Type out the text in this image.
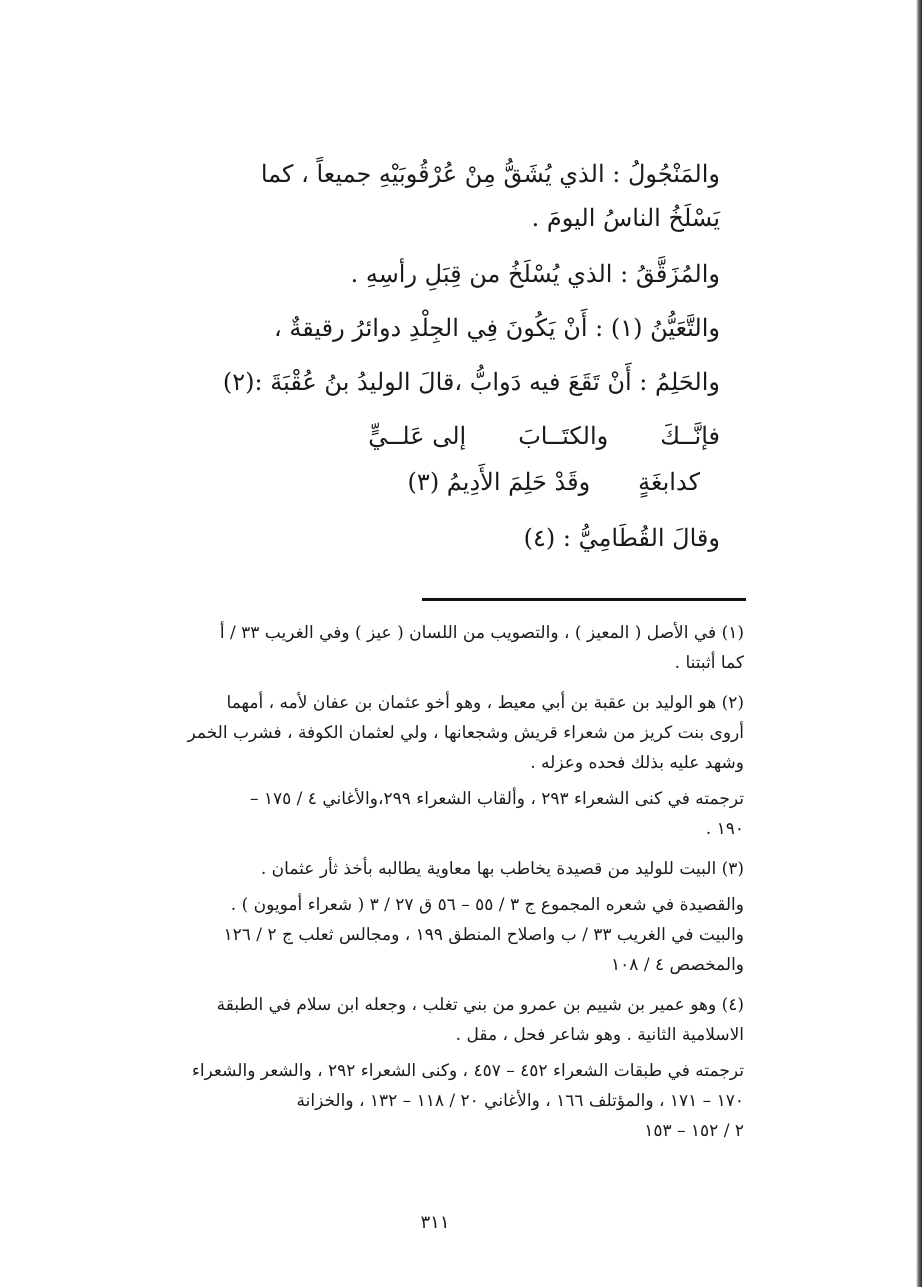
والمَنْجُولُ : الذي يُشَقُّ مِنْ عُرْقُوبَيْهِ جميعاً ، كما
يَسْلَخُ الناسُ اليومَ .
والمُزَقَّقُ : الذي يُسْلَخُ من قِبَلِ رأسِهِ .
والتَّعَيُّنُ (١) : أَنْ يَكُونَ فِي الجِلْدِ دوائرُ رقيقةٌ ،
والحَلِمُ : أَنْ تَقَعَ فيه دَوابُّ ،قالَ الوليدُ بنُ عُقْبَةَ :(٢)
فإنَّــكَوالكتَــابَإلى عَلــيٍّ
كدابغَةٍوقَدْ حَلِمَ الأَدِيمُ (٣)
وقالَ القُطَامِيُّ : (٤)

(١) في الأصل ( المعيز ) ، والتصويب من اللسان ( عيز ) وفي الغريب ٣٣ / أ

كما أثبتنا .

(٢) هو الوليد بن عقبة بن أبي معيط ، وهو أخو عثمان بن عفان لأمه ، أمهما

أروى بنت كريز من شعراء قريش وشجعانها ، ولي لعثمان الكوفة ، فشرب الخمر

وشهد عليه بذلك فحده وعزله .

ترجمته في كنى الشعراء ٢٩٣ ، وألقاب الشعراء ٢٩٩،والأغاني ٤ / ١٧٥ –

١٩٠ .

(٣) البيت للوليد من قصيدة يخاطب بها معاوية يطالبه بأخذ ثأر عثمان .

والقصيدة في شعره المجموع ج ٣ / ٥٥ – ٥٦ ق ٢٧ / ٣ ( شعراء أمويون ) .

والبيت في الغريب ٣٣ / ب واصلاح المنطق ١٩٩ ، ومجالس ثعلب ج ٢ / ١٢٦

والمخصص ٤ / ١٠٨

(٤) وهو عمير بن شييم بن عمرو من بني تغلب ، وجعله ابن سلام في الطبقة

الاسلامية الثانية . وهو شاعر فحل ، مقل .

ترجمته في طبقات الشعراء ٤٥٢ – ٤٥٧ ، وكنى الشعراء ٢٩٢ ، والشعر والشعراء

١٧٠ – ١٧١ ، والمؤتلف ١٦٦ ، والأغاني ٢٠ / ١١٨ – ١٣٢ ، والخزانة

٢ / ١٥٢ – ١٥٣

٣١١
